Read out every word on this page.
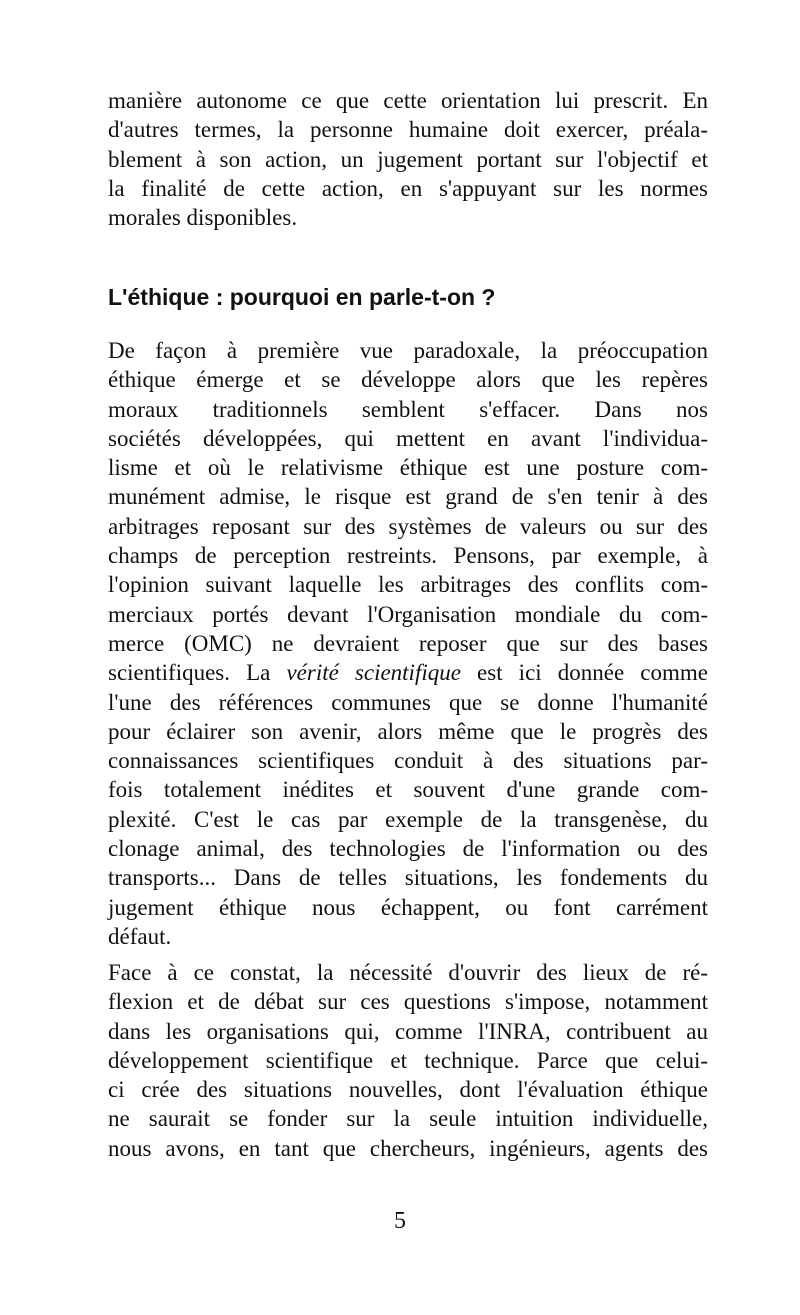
manière autonome ce que cette orientation lui prescrit. En
d'autres termes, la personne humaine doit exercer, préala-
blement à son action, un jugement portant sur l'objectif et
la finalité de cette action, en s'appuyant sur les normes
morales disponibles.
L'éthique : pourquoi en parle-t-on ?
De façon à première vue paradoxale, la préoccupation
éthique émerge et se développe alors que les repères
moraux traditionnels semblent s'effacer. Dans nos
sociétés développées, qui mettent en avant l'individua-
lisme et où le relativisme éthique est une posture com-
munément admise, le risque est grand de s'en tenir à des
arbitrages reposant sur des systèmes de valeurs ou sur des
champs de perception restreints. Pensons, par exemple, à
l'opinion suivant laquelle les arbitrages des conflits com-
merciaux portés devant l'Organisation mondiale du com-
merce (OMC) ne devraient reposer que sur des bases
scientifiques. La vérité scientifique est ici donnée comme
l'une des références communes que se donne l'humanité
pour éclairer son avenir, alors même que le progrès des
connaissances scientifiques conduit à des situations par-
fois totalement inédites et souvent d'une grande com-
plexité. C'est le cas par exemple de la transgenèse, du
clonage animal, des technologies de l'information ou des
transports... Dans de telles situations, les fondements du
jugement éthique nous échappent, ou font carrément
défaut.
Face à ce constat, la nécessité d'ouvrir des lieux de ré-
flexion et de débat sur ces questions s'impose, notamment
dans les organisations qui, comme l'INRA, contribuent au
développement scientifique et technique. Parce que celui-
ci crée des situations nouvelles, dont l'évaluation éthique
ne saurait se fonder sur la seule intuition individuelle,
nous avons, en tant que chercheurs, ingénieurs, agents des
5
